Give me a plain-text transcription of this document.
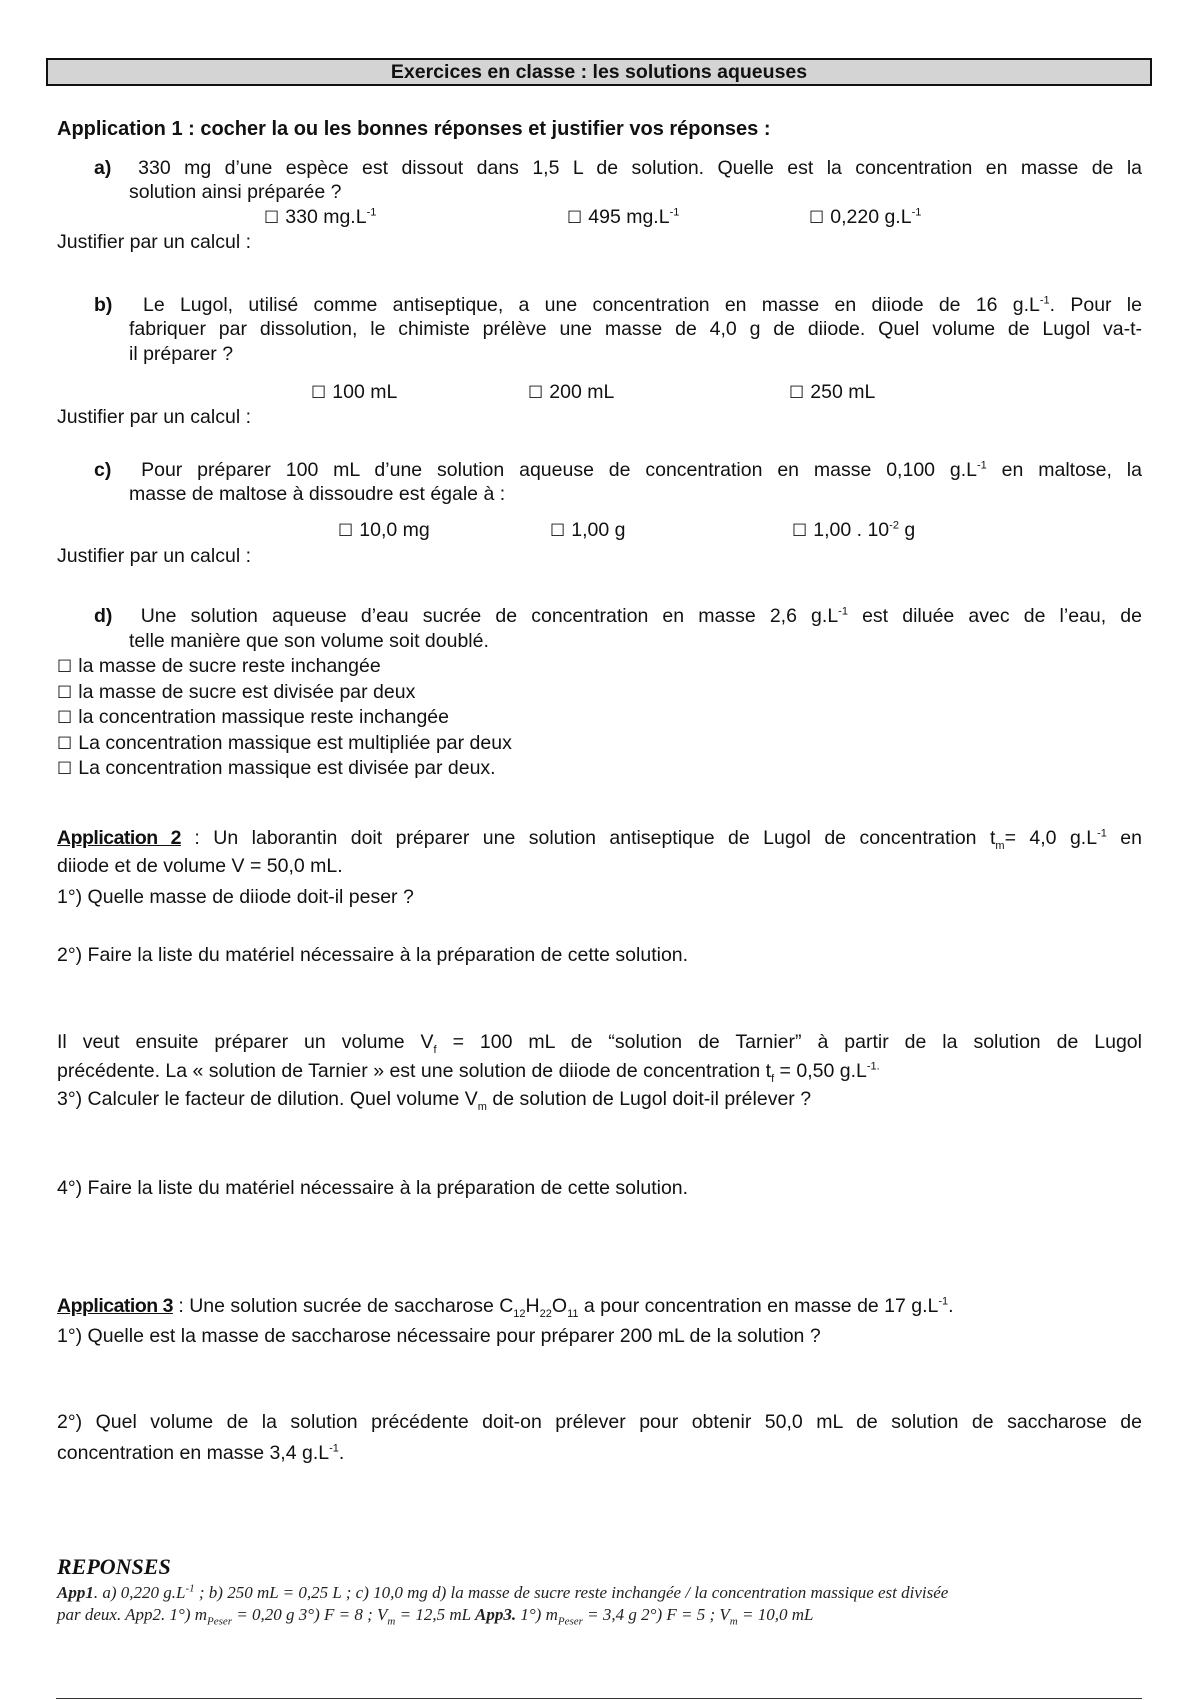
Exercices en classe : les solutions aqueuses
Application 1 : cocher la ou les bonnes réponses et justifier vos réponses :
a) 330 mg d’une espèce est dissout dans 1,5 L de solution. Quelle est la concentration en masse de la
solution ainsi préparée ?
☐ 330 $mg.L^{-1}$	☐ 495 $mg.L^{-1}$	☐ 0,220 $g.L^{-1}$
Justifier par un calcul :
b) Le Lugol, utilisé comme antiseptique, a une concentration en masse en diiode de 16 $g.L^{-1}$. Pour le
fabriquer par dissolution, le chimiste prélève une masse de 4,0 g de diiode. Quel volume de Lugol va-t-
il préparer ?
☐ 100 mL	☐ 200 mL	☐ 250 mL
Justifier par un calcul :
c) Pour préparer 100 mL d’une solution aqueuse de concentration en masse 0,100 $g.L^{-1}$ en maltose, la
masse de maltose à dissoudre est égale à :
☐ 10,0 mg	☐ 1,00 g	☐ 1,00 . $10^{-2}$ g
Justifier par un calcul :
d) Une solution aqueuse d’eau sucrée de concentration en masse 2,6 $g.L^{-1}$ est diluée avec de l’eau, de
telle manière que son volume soit doublé.
☐ la masse de sucre reste inchangée
☐ la masse de sucre est divisée par deux
☐ la concentration massique reste inchangée
☐ La concentration massique est multipliée par deux
☐ La concentration massique est divisée par deux.
Application 2 : Un laborantin doit préparer une solution antiseptique de Lugol de concentration $t_m= 4,0$ $g.L^{-1}$ en
diiode et de volume V = 50,0 mL.
1°) Quelle masse de diiode doit-il peser ?
2°) Faire la liste du matériel nécessaire à la préparation de cette solution.
Il veut ensuite préparer un volume $V_f = 100$ mL de “solution de Tarnier” à partir de la solution de Lugol
précédente. La « solution de Tarnier » est une solution de diiode de concentration $t_f = 0,50$ $g.L^{-1.}$
3°) Calculer le facteur de dilution. Quel volume $V_m$ de solution de Lugol doit-il prélever ?
4°) Faire la liste du matériel nécessaire à la préparation de cette solution.
Application 3 : Une solution sucrée de saccharose $C_{12}H_{22}O_{11}$ a pour concentration en masse de 17 $g.L^{-1}$.
1°) Quelle est la masse de saccharose nécessaire pour préparer 200 mL de la solution ?
2°) Quel volume de la solution précédente doit-on prélever pour obtenir 50,0 mL de solution de saccharose de
concentration en masse 3,4 $g.L^{-1}$.
REPONSES
App1. a) 0,220 $g.L^{-1}$ ; b) 250 mL = 0,25 L ; c) 10,0 mg d) la masse de sucre reste inchangée / la concentration massique est divisée
par deux. App2. 1°) $m_{Peser} = 0,20$ g 3°) F = 8 ; $V_m = 12,5$ mL App3. 1°) $m_{Peser} = 3,4$ g 2°) F = 5 ; $V_m = 10,0$ mL
